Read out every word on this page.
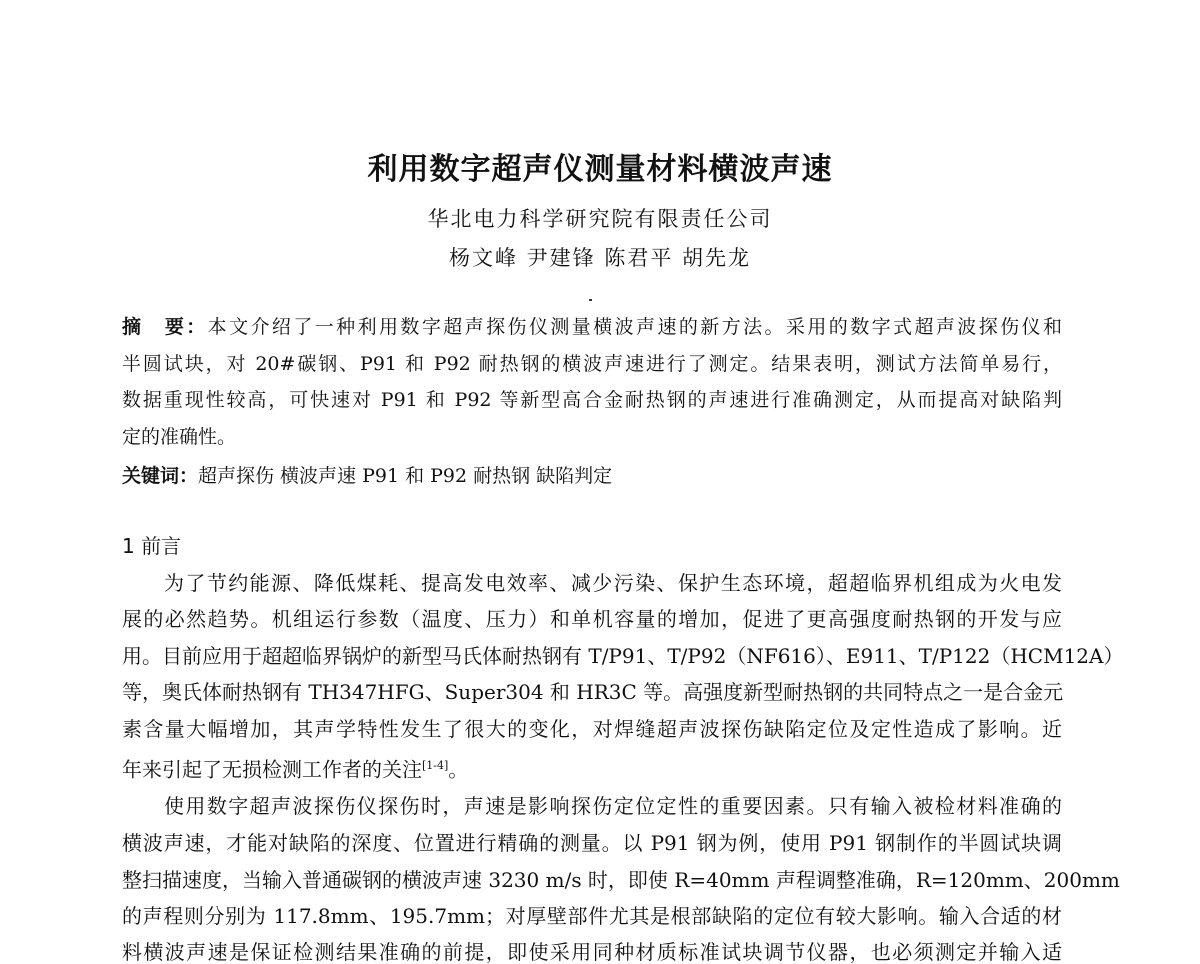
利用数字超声仪测量材料横波声速
华北电力科学研究院有限责任公司
杨文峰 尹建锋 陈君平 胡先龙
摘　要：本文介绍了一种利用数字超声探伤仪测量横波声速的新方法。采用的数字式超声波探伤仪和
半圆试块，对 20#碳钢、P91 和 P92 耐热钢的横波声速进行了测定。结果表明，测试方法简单易行，
数据重现性较高，可快速对 P91 和 P92 等新型高合金耐热钢的声速进行准确测定，从而提高对缺陷判
定的准确性。
关键词：超声探伤 横波声速 P91 和 P92 耐热钢 缺陷判定
1 前言
为了节约能源、降低煤耗、提高发电效率、减少污染、保护生态环境，超超临界机组成为火电发
展的必然趋势。机组运行参数（温度、压力）和单机容量的增加，促进了更高强度耐热钢的开发与应
用。目前应用于超超临界锅炉的新型马氏体耐热钢有 T/P91、T/P92（NF616）、E911、T/P122（HCM12A）
等，奥氏体耐热钢有 TH347HFG、Super304 和 HR3C 等。高强度新型耐热钢的共同特点之一是合金元
素含量大幅增加，其声学特性发生了很大的变化，对焊缝超声波探伤缺陷定位及定性造成了影响。近
年来引起了无损检测工作者的关注[1-4]。
使用数字超声波探伤仪探伤时，声速是影响探伤定位定性的重要因素。只有输入被检材料准确的
横波声速，才能对缺陷的深度、位置进行精确的测量。以 P91 钢为例，使用 P91 钢制作的半圆试块调
整扫描速度，当输入普通碳钢的横波声速 3230 m/s 时，即使 R=40mm 声程调整准确，R=120mm、200mm
的声程则分别为 117.8mm、195.7mm；对厚壁部件尤其是根部缺陷的定位有较大影响。输入合适的材
料横波声速是保证检测结果准确的前提，即使采用同种材质标准试块调节仪器，也必须测定并输入适
